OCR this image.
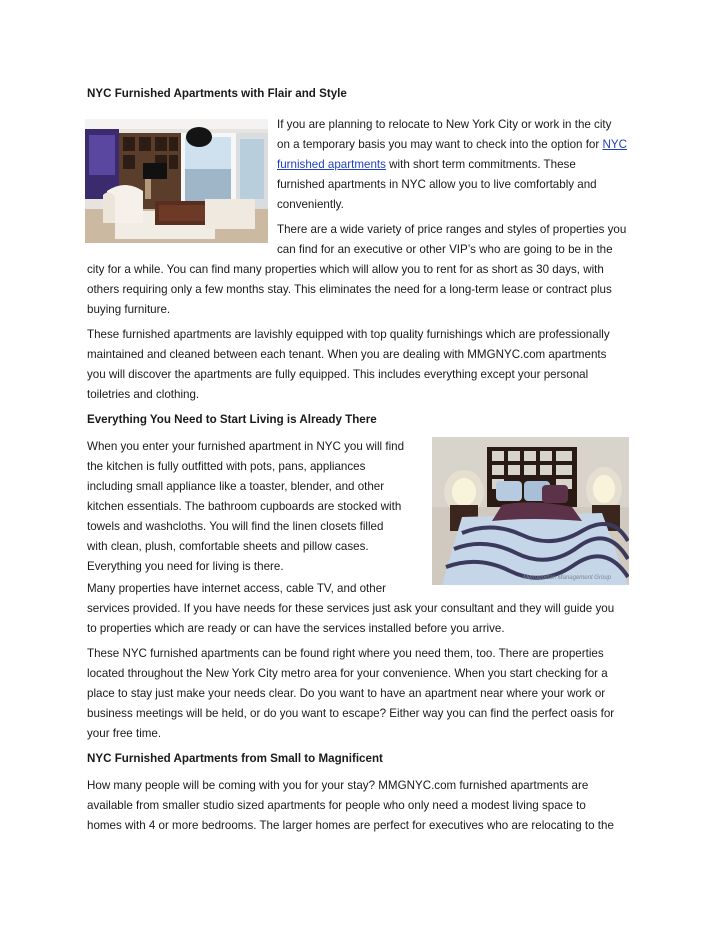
NYC Furnished Apartments with Flair and Style
If you are planning to relocate to New York City or work in the city
on a temporary basis you may want to check into the option for NYC
furnished apartments with short term commitments. These
furnished apartments in NYC allow you to live comfortably and
conveniently.
There are a wide variety of price ranges and styles of properties you
can find for an executive or other VIP’s who are going to be in the
city for a while. You can find many properties which will allow you to rent for as short as 30 days, with
others requiring only a few months stay. This eliminates the need for a long-term lease or contract plus
buying furniture.
These furnished apartments are lavishly equipped with top quality furnishings which are professionally
maintained and cleaned between each tenant. When you are dealing with MMGNYC.com apartments
you will discover the apartments are fully equipped. This includes everything except your personal
toiletries and clothing.
Everything You Need to Start Living is Already There
When you enter your furnished apartment in NYC you will find
the kitchen is fully outfitted with pots, pans, appliances
including small appliance like a toaster, blender, and other
kitchen essentials. The bathroom cupboards are stocked with
towels and washcloths. You will find the linen closets filled
with clean, plush, comfortable sheets and pillow cases.
Everything you need for living is there.
Metropolitan Management Group
Many properties have internet access, cable TV, and other
services provided. If you have needs for these services just ask your consultant and they will guide you
to properties which are ready or can have the services installed before you arrive.
These NYC furnished apartments can be found right where you need them, too. There are properties
located throughout the New York City metro area for your convenience. When you start checking for a
place to stay just make your needs clear. Do you want to have an apartment near where your work or
business meetings will be held, or do you want to escape? Either way you can find the perfect oasis for
your free time.
NYC Furnished Apartments from Small to Magnificent
How many people will be coming with you for your stay? MMGNYC.com furnished apartments are
available from smaller studio sized apartments for people who only need a modest living space to
homes with 4 or more bedrooms. The larger homes are perfect for executives who are relocating to the
